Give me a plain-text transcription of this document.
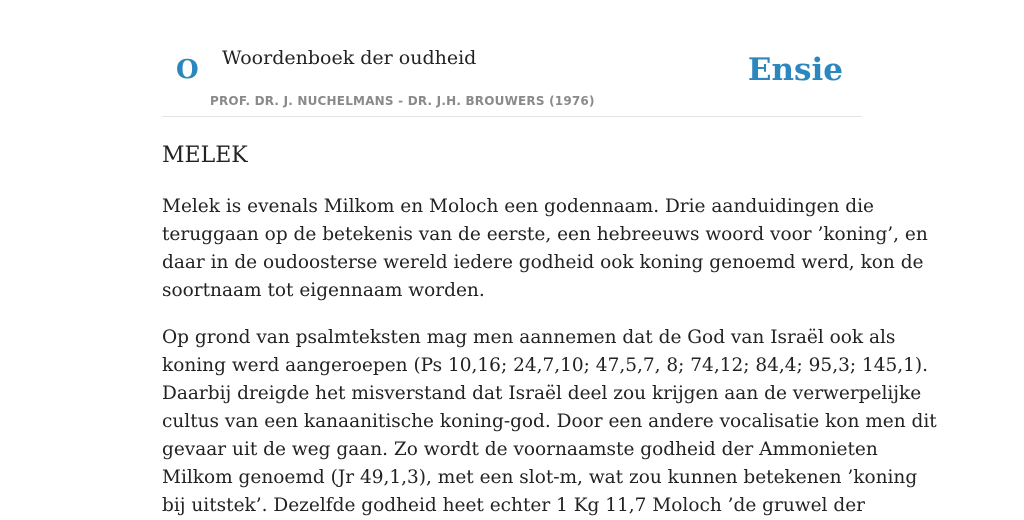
O Woordenboek der oudheid
PROF. DR. J. NUCHELMANS - DR. J.H. BROUWERS (1976)
Ensie
MELEK

Melek is evenals Milkom en Moloch een godennaam. Drie aanduidingen die
teruggaan op de betekenis van de eerste, een hebreeuws woord voor ’koning’, en
daar in de oudoosterse wereld iedere godheid ook koning genoemd werd, kon de
soortnaam tot eigennaam worden.

Op grond van psalmteksten mag men aannemen dat de God van Israël ook als
koning werd aangeroepen (Ps 10,16; 24,7,10; 47,5,7, 8; 74,12; 84,4; 95,3; 145,1).
Daarbij dreigde het misverstand dat Israël deel zou krijgen aan de verwerpelijke
cultus van een kanaanitische koning-god. Door een andere vocalisatie kon men dit
gevaar uit de weg gaan. Zo wordt de voornaamste godheid der Ammonieten
Milkom genoemd (Jr 49,1,3), met een slot-m, wat zou kunnen betekenen ’koning
bij uitstek’. Dezelfde godheid heet echter 1 Kg 11,7 Moloch ’de gruwel der
